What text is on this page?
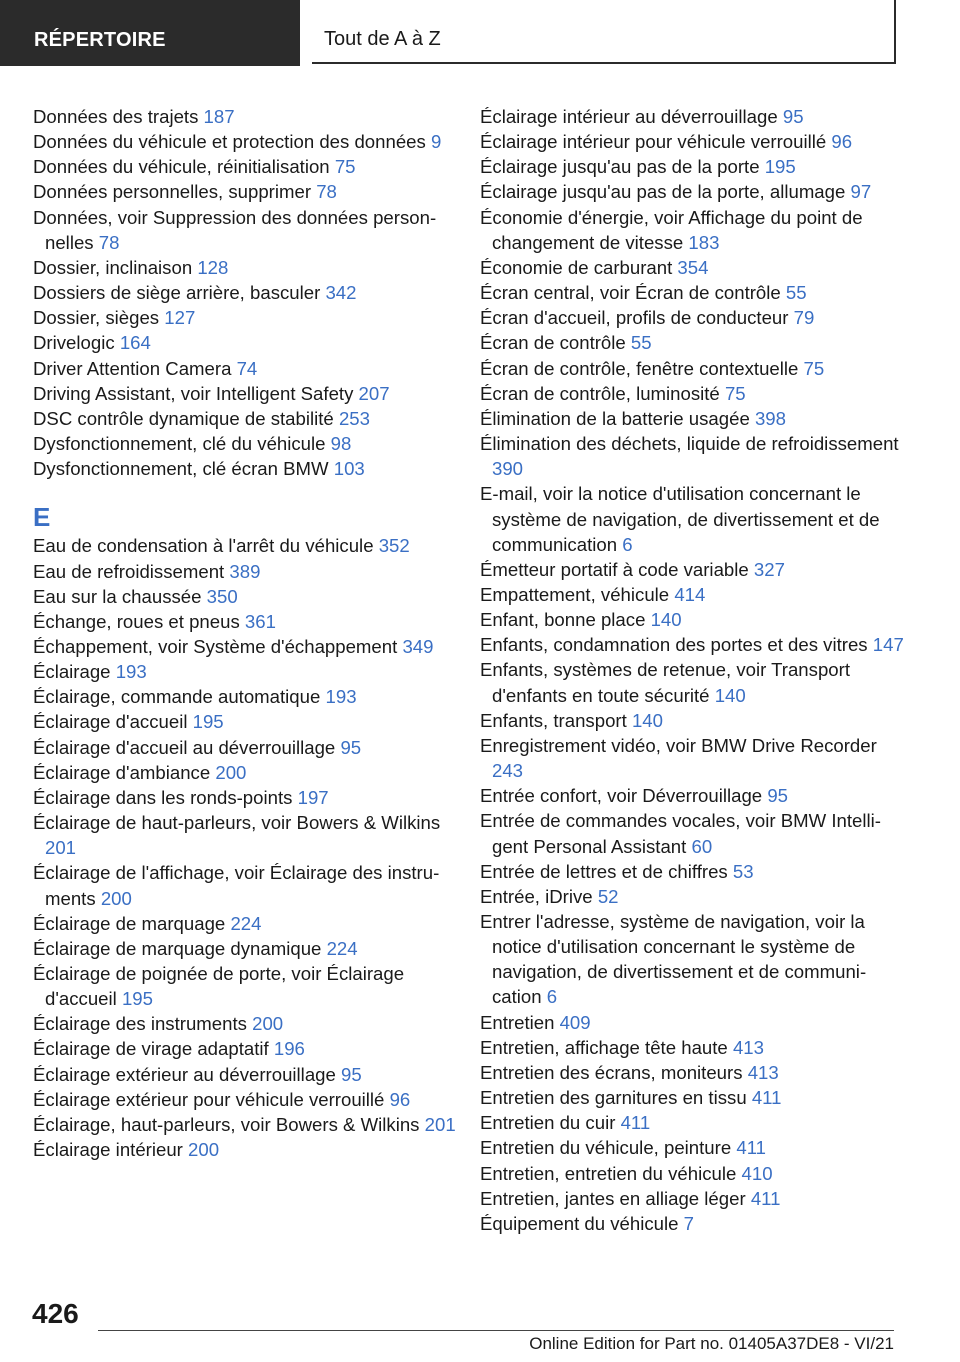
RÉPERTOIRE	Tout de A à Z
Données des trajets 187
Données du véhicule et protection des données 9
Données du véhicule, réinitialisation 75
Données personnelles, supprimer 78
Données, voir Suppression des données personnelles 78
Dossier, inclinaison 128
Dossiers de siège arrière, basculer 342
Dossier, sièges 127
Drivelogic 164
Driver Attention Camera 74
Driving Assistant, voir Intelligent Safety 207
DSC contrôle dynamique de stabilité 253
Dysfonctionnement, clé du véhicule 98
Dysfonctionnement, clé écran BMW 103
E
Eau de condensation à l'arrêt du véhicule 352
Eau de refroidissement 389
Eau sur la chaussée 350
Échange, roues et pneus 361
Échappement, voir Système d'échappement 349
Éclairage 193
Éclairage, commande automatique 193
Éclairage d'accueil 195
Éclairage d'accueil au déverrouillage 95
Éclairage d'ambiance 200
Éclairage dans les ronds-points 197
Éclairage de haut-parleurs, voir Bowers & Wilkins 201
Éclairage de l'affichage, voir Éclairage des instruments 200
Éclairage de marquage 224
Éclairage de marquage dynamique 224
Éclairage de poignée de porte, voir Éclairage d'accueil 195
Éclairage des instruments 200
Éclairage de virage adaptatif 196
Éclairage extérieur au déverrouillage 95
Éclairage extérieur pour véhicule verrouillé 96
Éclairage, haut-parleurs, voir Bowers & Wilkins 201
Éclairage intérieur 200
Éclairage intérieur au déverrouillage 95
Éclairage intérieur pour véhicule verrouillé 96
Éclairage jusqu'au pas de la porte 195
Éclairage jusqu'au pas de la porte, allumage 97
Économie d'énergie, voir Affichage du point de changement de vitesse 183
Économie de carburant 354
Écran central, voir Écran de contrôle 55
Écran d'accueil, profils de conducteur 79
Écran de contrôle 55
Écran de contrôle, fenêtre contextuelle 75
Écran de contrôle, luminosité 75
Élimination de la batterie usagée 398
Élimination des déchets, liquide de refroidissement 390
E-mail, voir la notice d'utilisation concernant le système de navigation, de divertissement et de communication 6
Émetteur portatif à code variable 327
Empattement, véhicule 414
Enfant, bonne place 140
Enfants, condamnation des portes et des vitres 147
Enfants, systèmes de retenue, voir Transport d'enfants en toute sécurité 140
Enfants, transport 140
Enregistrement vidéo, voir BMW Drive Recorder 243
Entrée confort, voir Déverrouillage 95
Entrée de commandes vocales, voir BMW Intelligent Personal Assistant 60
Entrée de lettres et de chiffres 53
Entrée, iDrive 52
Entrer l'adresse, système de navigation, voir la notice d'utilisation concernant le système de navigation, de divertissement et de communication 6
Entretien 409
Entretien, affichage tête haute 413
Entretien des écrans, moniteurs 413
Entretien des garnitures en tissu 411
Entretien du cuir 411
Entretien du véhicule, peinture 411
Entretien, entretien du véhicule 410
Entretien, jantes en alliage léger 411
Équipement du véhicule 7
426
Online Edition for Part no. 01405A37DE8 - VI/21
